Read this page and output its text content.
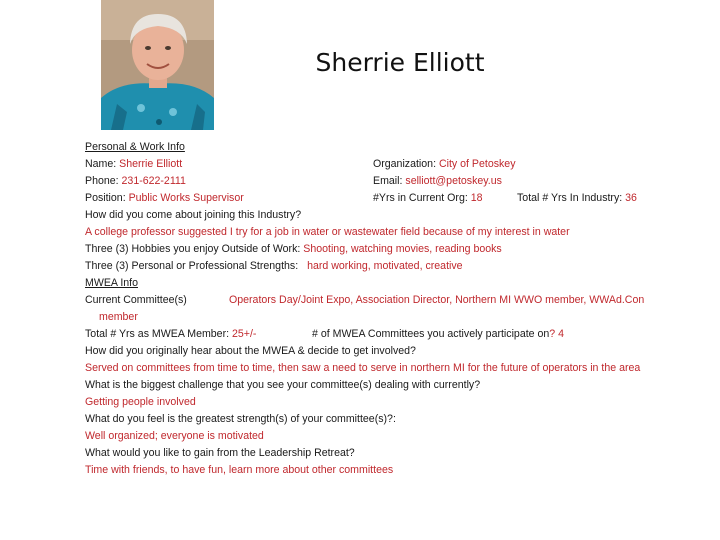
Sherrie Elliott
Personal & Work Info
Name: Sherrie Elliott	Organization: City of Petoskey
Phone: 231-622-2111	Email: selliott@petoskey.us
Position: Public Works Supervisor	#Yrs in Current Org: 18	Total # Yrs In Industry: 36
How did you come about joining this Industry?
A college professor suggested I try for a job in water or wastewater field because of my interest in water
Three (3) Hobbies you enjoy Outside of Work: Shooting, watching movies, reading books
Three (3) Personal or Professional Strengths: hard working, motivated, creative
MWEA Info
Current Committee(s)	Operators Day/Joint Expo, Association Director, Northern MI WWO member, WWAd.Con
member
Total # Yrs as MWEA Member: 25+/-	# of MWEA Committees you actively participate on? 4
How did you originally hear about the MWEA & decide to get involved?
Served on committees from time to time, then saw a need to serve in northern MI for the future of operators in the area
What is the biggest challenge that you see your committee(s) dealing with currently?
Getting people involved
What do you feel is the greatest strength(s) of your committee(s)?:
Well organized; everyone is motivated
What would you like to gain from the Leadership Retreat?
Time with friends, to have fun, learn more about other committees
